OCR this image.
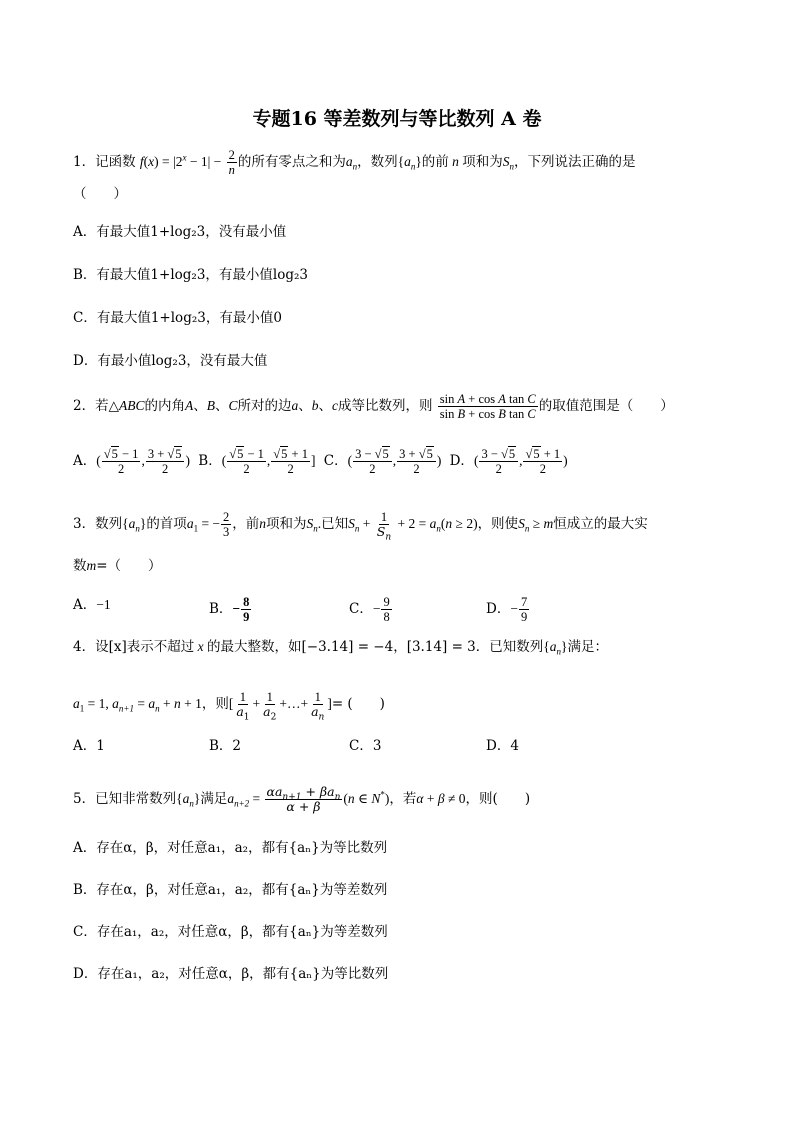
专题16 等差数列与等比数列 A 卷
1．记函数 $f(x) = |2^x - 1| - \frac{2}{n}$ 的所有零点之和为$a_n$，数列$\{a_n\}$的前 n 项和为$S_n$，下列说法正确的是
（　　）
A．有最大值1+log₂3，没有最小值
B．有最大值1+log₂3，有最小值log₂3
C．有最大值1+log₂3，有最小值0
D．有最小值log₂3，没有最大值
2．若△ABC的内角A、B、C所对的边a、b、c成等比数列，则 $\frac{\text{sin A + cos A tan C}}{\text{sin B + cos B tan C}}$ 的取值范围是（　　）
A．( $\frac{√5 - 1}{2}$ , $\frac{3 + √5}{2}$ ) B．( $\frac{√5 - 1}{2}$ , $\frac{√5 + 1}{2}$ ] C．( $\frac{3 - √5}{2}$ , $\frac{3 + √5}{2}$ ) D．( $\frac{3 - √5}{2}$ , $\frac{√5 + 1}{2}$ )
3．数列$\{a_n\}$的首项$a_1$ = − $\frac{2}{3}$ ，前n项和为$S_n$.已知$S_n + \frac{1}{S_n} + 2 = a_n(n \ge 2)$，则使$S_n \ge m$恒成立的最大实
数m=（　　）
A．−1	B．− $\frac{8}{9}$	C．− $\frac{9}{8}$	D．− $\frac{7}{9}$
4．设[x]表示不超过 x 的最大整数，如[−3.14] = −4，[3.14] = 3．已知数列$\{a_n\}$满足：
$a_1 = 1$, $a_{n+1} = a_n + n + 1$，则[ $\frac{1}{a_1} + \frac{1}{a_2}$ +…+ $\frac{1}{a_n}$ ]= (　　)
A．1	B．2	C．3	D．4
5．已知非常数列$\{a_n\}$满足$a_{n+2} = \frac{\alpha a_{n+1} + \beta a_n}{\alpha + \beta} (n$ ∈ N*)，若α + β ≠ 0，则(　　)
A．存在α，β，对任意a₁，a₂，都有{aₙ}为等比数列
B．存在α，β，对任意a₁，a₂，都有{aₙ}为等差数列
C．存在a₁，a₂，对任意α，β，都有{aₙ}为等差数列
D．存在a₁，a₂，对任意α，β，都有{aₙ}为等比数列
